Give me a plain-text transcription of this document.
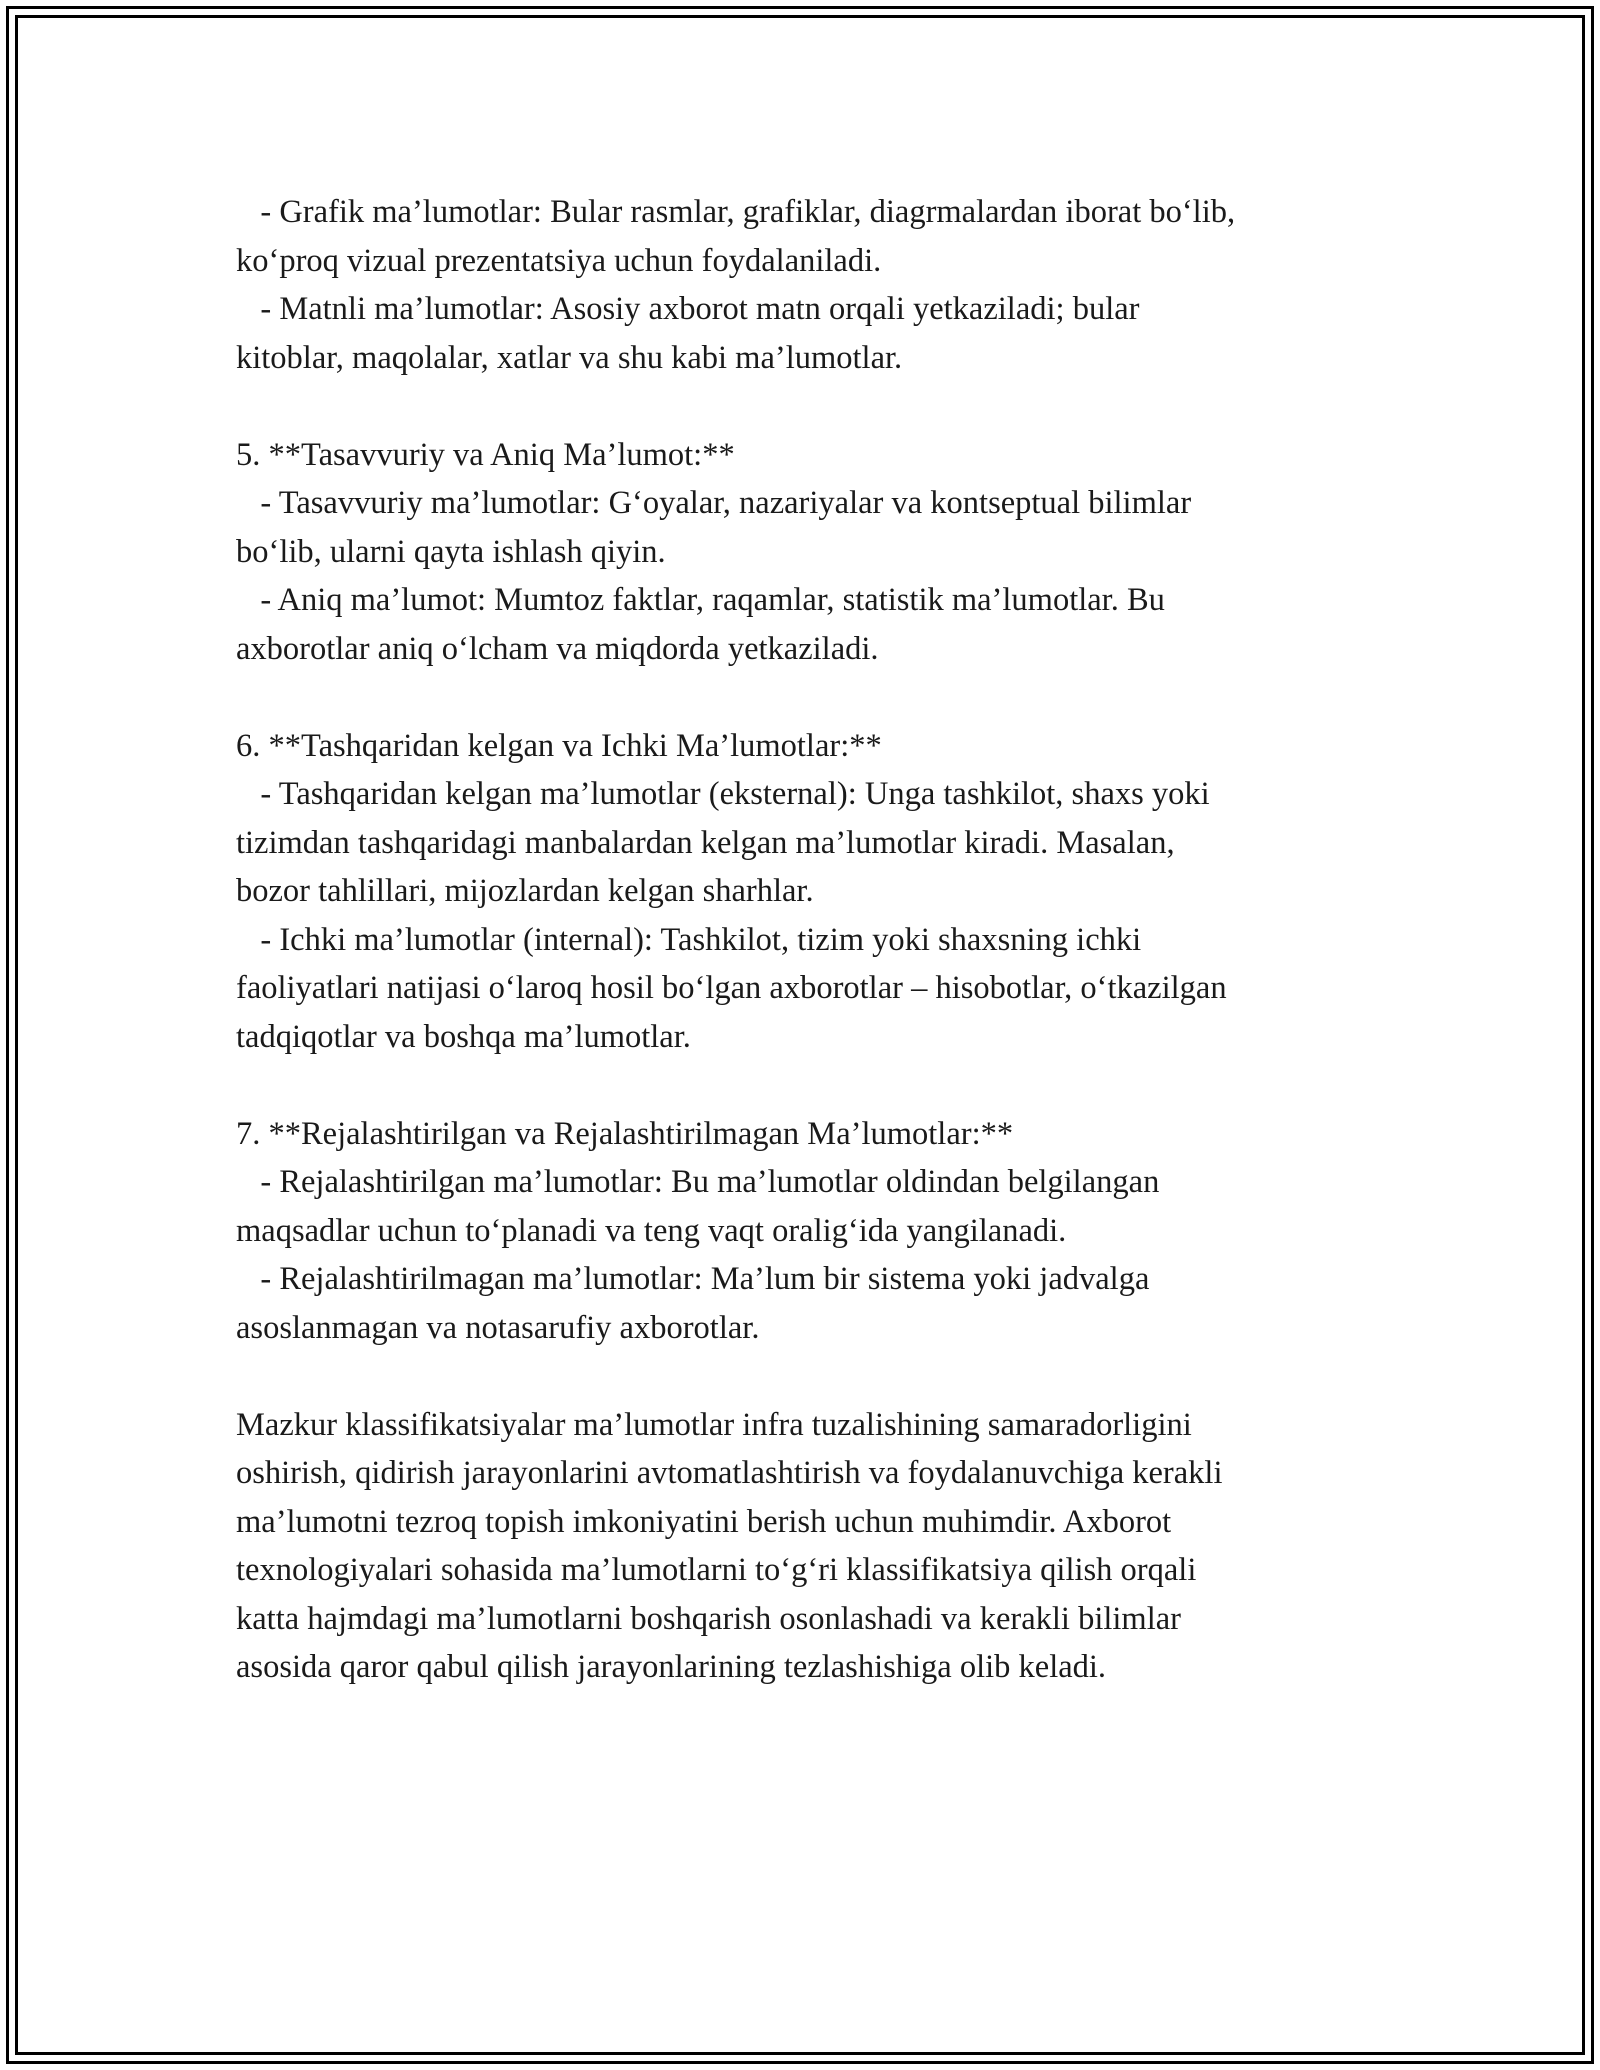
- Grafik ma’lumotlar: Bular rasmlar, grafiklar, diagrmalardan iborat bo‘lib,
ko‘proq vizual prezentatsiya uchun foydalaniladi.
- Matnli ma’lumotlar: Asosiy axborot matn orqali yetkaziladi; bular
kitoblar, maqolalar, xatlar va shu kabi ma’lumotlar.
5. **Tasavvuriy va Aniq Ma’lumot:**
- Tasavvuriy ma’lumotlar: G‘oyalar, nazariyalar va kontseptual bilimlar
bo‘lib, ularni qayta ishlash qiyin.
- Aniq ma’lumot: Mumtoz faktlar, raqamlar, statistik ma’lumotlar. Bu
axborotlar aniq o‘lcham va miqdorda yetkaziladi.
6. **Tashqaridan kelgan va Ichki Ma’lumotlar:**
- Tashqaridan kelgan ma’lumotlar (eksternal): Unga tashkilot, shaxs yoki
tizimdan tashqaridagi manbalardan kelgan ma’lumotlar kiradi. Masalan,
bozor tahlillari, mijozlardan kelgan sharhlar.
- Ichki ma’lumotlar (internal): Tashkilot, tizim yoki shaxsning ichki
faoliyatlari natijasi o‘laroq hosil bo‘lgan axborotlar – hisobotlar, o‘tkazilgan
tadqiqotlar va boshqa ma’lumotlar.
7. **Rejalashtirilgan va Rejalashtirilmagan Ma’lumotlar:**
- Rejalashtirilgan ma’lumotlar: Bu ma’lumotlar oldindan belgilangan
maqsadlar uchun to‘planadi va teng vaqt oralig‘ida yangilanadi.
- Rejalashtirilmagan ma’lumotlar: Ma’lum bir sistema yoki jadvalga
asoslanmagan va notasarufiy axborotlar.
Mazkur klassifikatsiyalar ma’lumotlar infra tuzalishining samaradorligini
oshirish, qidirish jarayonlarini avtomatlashtirish va foydalanuvchiga kerakli
ma’lumotni tezroq topish imkoniyatini berish uchun muhimdir. Axborot
texnologiyalari sohasida ma’lumotlarni to‘g‘ri klassifikatsiya qilish orqali
katta hajmdagi ma’lumotlarni boshqarish osonlashadi va kerakli bilimlar
asosida qaror qabul qilish jarayonlarining tezlashishiga olib keladi.
